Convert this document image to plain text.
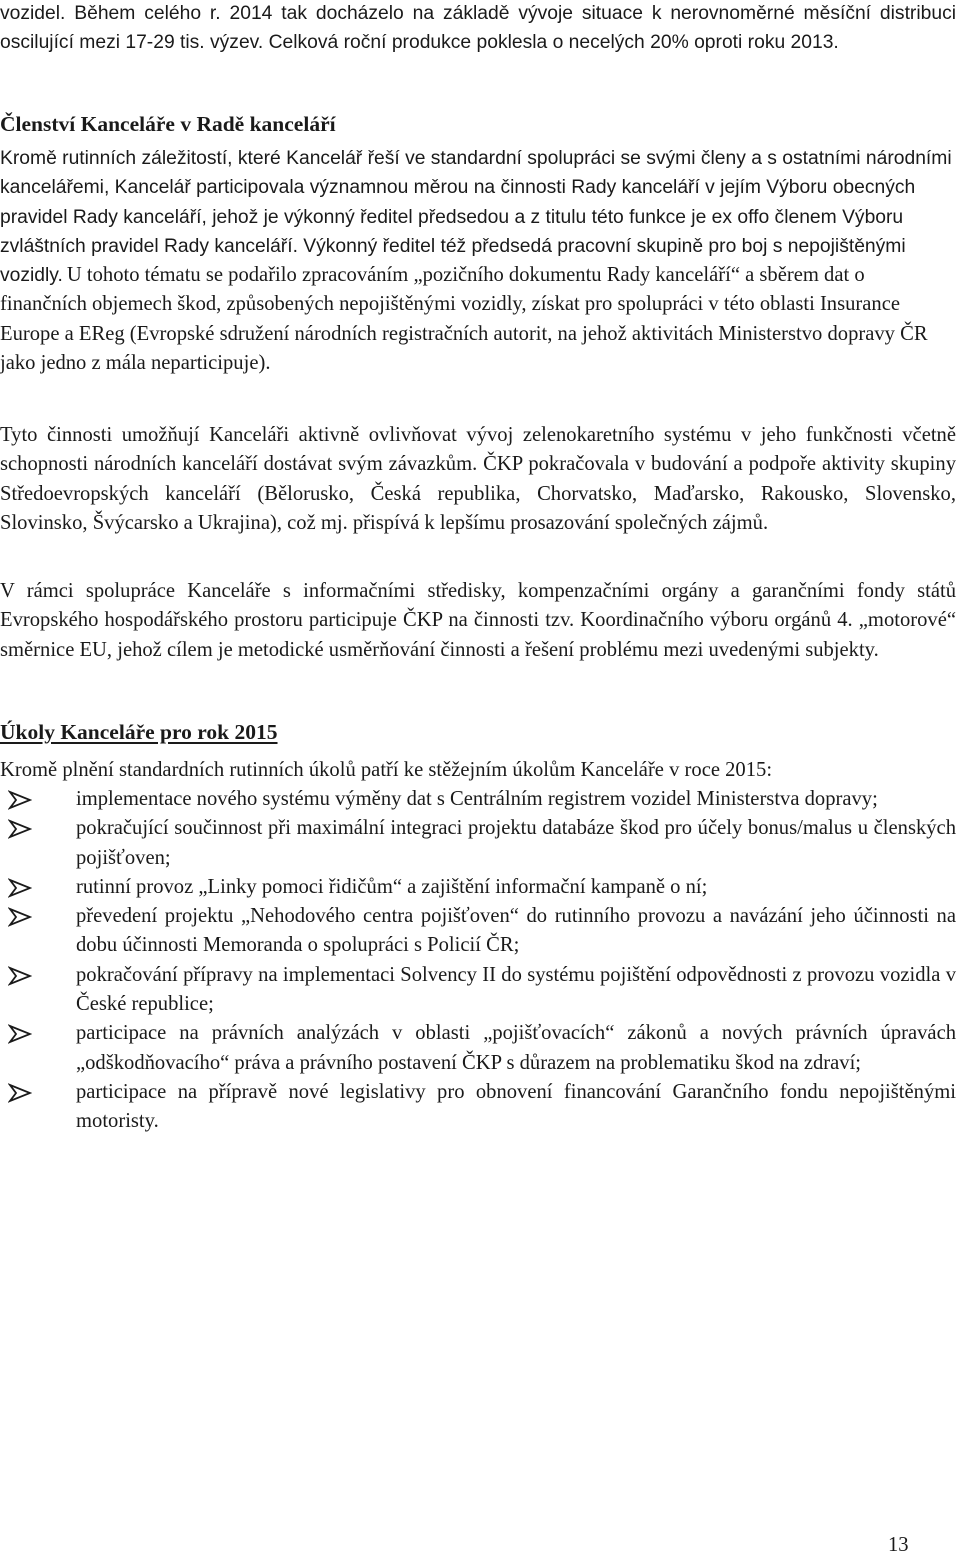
vozidel. Během celého r. 2014 tak docházelo na základě vývoje situace k nerovnoměrné měsíční distribuci oscilující mezi 17-29 tis. výzev. Celková roční produkce poklesla o necelých 20% oproti roku 2013.

Členství Kanceláře v Radě kanceláří

Kromě rutinních záležitostí, které Kancelář řeší ve standardní spolupráci se svými členy a s ostatními národními kancelářemi, Kancelář participovala významnou měrou na činnosti Rady kanceláří v jejím Výboru obecných pravidel Rady kanceláří, jehož je výkonný ředitel předsedou a z titulu této funkce je ex offo členem Výboru zvláštních pravidel Rady kanceláří. Výkonný ředitel též předsedá pracovní skupině pro boj s nepojištěnými vozidly.

U tohoto tématu se podařilo zpracováním „pozičního dokumentu Rady kanceláří“ a sběrem dat o finančních objemech škod, způsobených nepojištěnými vozidly, získat pro spolupráci v této oblasti Insurance Europe a EReg (Evropské sdružení národních registračních autorit, na jehož aktivitách Ministerstvo dopravy ČR jako jedno z mála neparticipuje).

Tyto činnosti umožňují Kanceláři aktivně ovlivňovat vývoj zelenokaretního systému v jeho funkčnosti včetně schopnosti národních kanceláří dostávat svým závazkům. ČKP pokračovala v budování a podpoře aktivity skupiny Středoevropských kanceláří (Bělorusko, Česká republika, Chorvatsko, Maďarsko, Rakousko, Slovensko, Slovinsko, Švýcarsko a Ukrajina), což mj. přispívá k lepšímu prosazování společných zájmů.

V rámci spolupráce Kanceláře s informačními středisky, kompenzačními orgány a garančními fondy států Evropského hospodářského prostoru participuje ČKP na činnosti tzv. Koordinačního výboru orgánů 4. „motorové“ směrnice EU, jehož cílem je metodické usměrňování činnosti a řešení problému mezi uvedenými subjekty.

Úkoly Kanceláře pro rok 2015

Kromě plnění standardních rutinních úkolů patří ke stěžejním úkolům Kanceláře v roce 2015:

implementace nového systému výměny dat s Centrálním registrem vozidel Ministerstva dopravy;
pokračující součinnost při maximální integraci projektu databáze škod pro účely bonus/malus u členských pojišťoven;
rutinní provoz „Linky pomoci řidičům“ a zajištění informační kampaně o ní;
převedení projektu „Nehodového centra pojišťoven“ do rutinního provozu a navázání jeho účinnosti na dobu účinnosti Memoranda o spolupráci s Policií ČR;
pokračování přípravy na implementaci Solvency II do systému pojištění odpovědnosti z provozu vozidla v České republice;
participace na právních analýzách v oblasti „pojišťovacích“ zákonů a nových právních úpravách „odškodňovacího“ práva a právního postavení ČKP s důrazem na problematiku škod na zdraví;
participace na přípravě nové legislativy pro obnovení financování Garančního fondu nepojištěnými motoristy.
13
